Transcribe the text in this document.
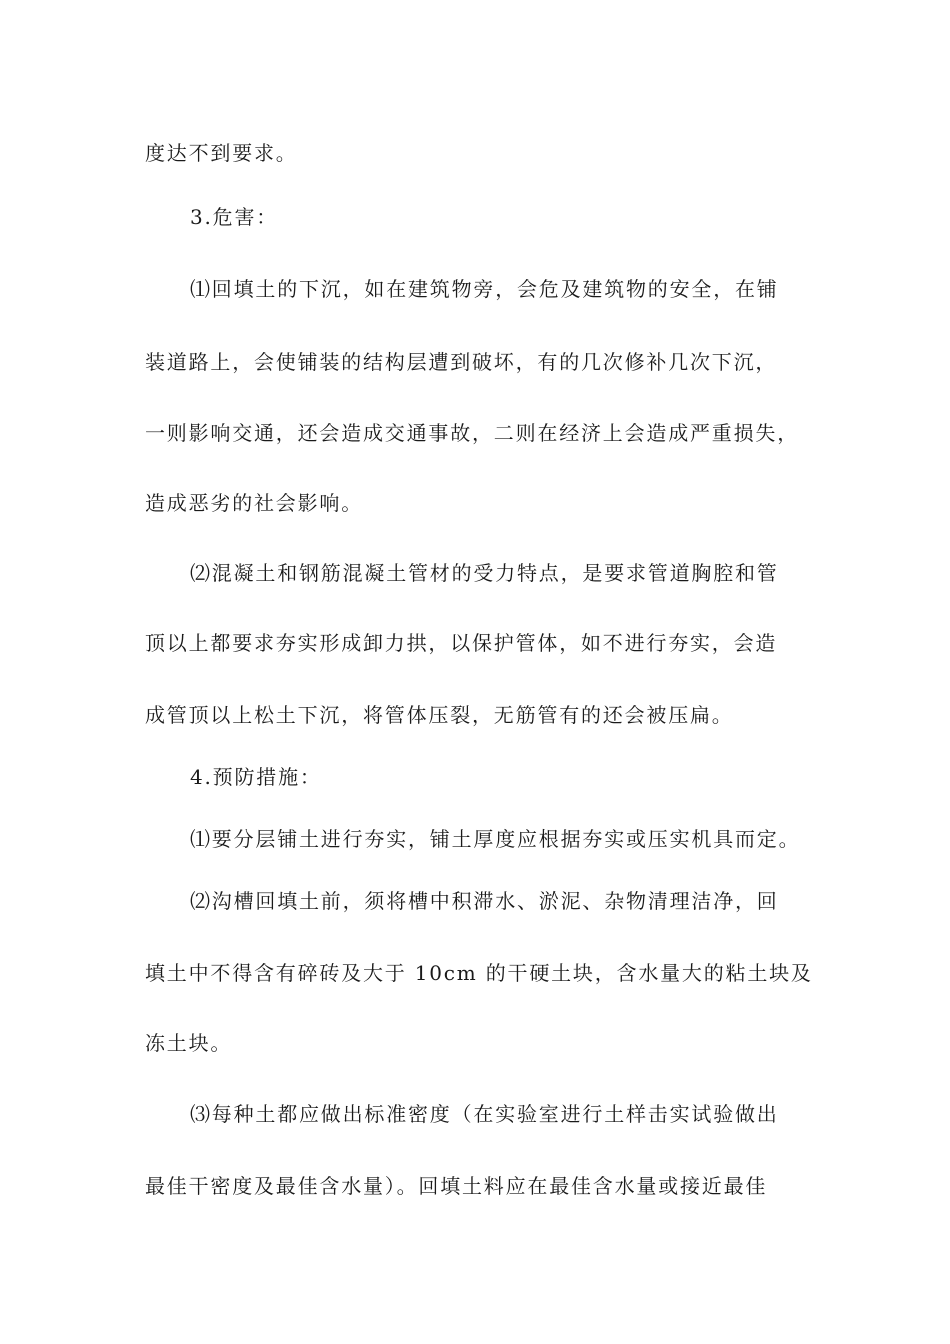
度达不到要求。
3.危害：
⑴回填土的下沉，如在建筑物旁，会危及建筑物的安全，在铺
装道路上，会使铺装的结构层遭到破坏，有的几次修补几次下沉，
一则影响交通，还会造成交通事故，二则在经济上会造成严重损失，
造成恶劣的社会影响。
⑵混凝土和钢筋混凝土管材的受力特点，是要求管道胸腔和管
顶以上都要求夯实形成卸力拱，以保护管体，如不进行夯实，会造
成管顶以上松土下沉，将管体压裂，无筋管有的还会被压扁。
4.预防措施：
⑴要分层铺土进行夯实，铺土厚度应根据夯实或压实机具而定。
⑵沟槽回填土前，须将槽中积滞水、淤泥、杂物清理洁净，回
填土中不得含有碎砖及大于 10cm 的干硬土块，含水量大的粘土块及
冻土块。
⑶每种土都应做出标准密度（在实验室进行土样击实试验做出
最佳干密度及最佳含水量）。回填土料应在最佳含水量或接近最佳
